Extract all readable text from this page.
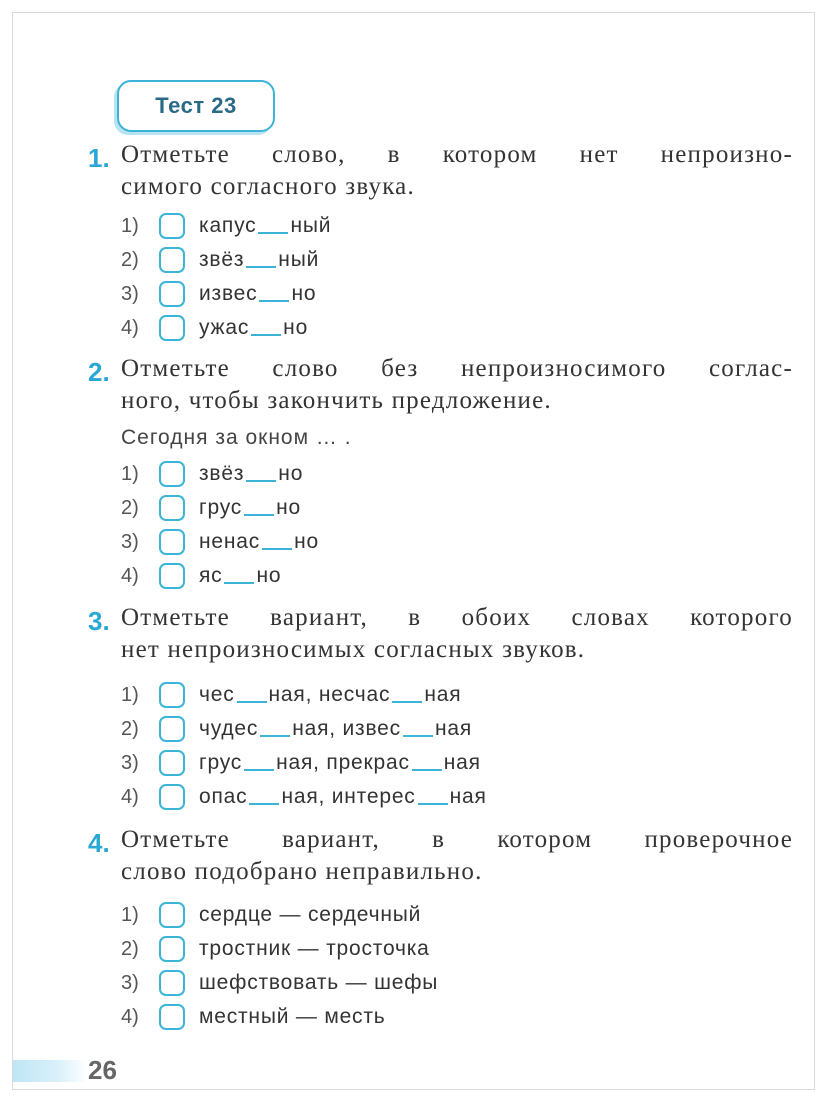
Тест 23
1. Отметьте слово, в котором нет непроизно-
симого согласного звука.
1)	капус ный
2)	звёз ный
3)	извес но
4)	ужас но
2. Отметьте слово без непроизносимого соглас-
ного, чтобы закончить предложение.
Сегодня за окном … .
1)	звёз но
2)	грус но
3)	ненас но
4)	яс но
3. Отметьте вариант, в обоих словах которого
нет непроизносимых согласных звуков.
1)	чес ная, несчас ная
2)	чудес ная, извес ная
3)	грус ная, прекрас ная
4)	опас ная, интерес ная
4. Отметьте вариант, в котором проверочное
слово подобрано неправильно.
1)	сердце — сердечный
2)	тростник — тросточка
3)	шефствовать — шефы
4)	местный — месть
26
